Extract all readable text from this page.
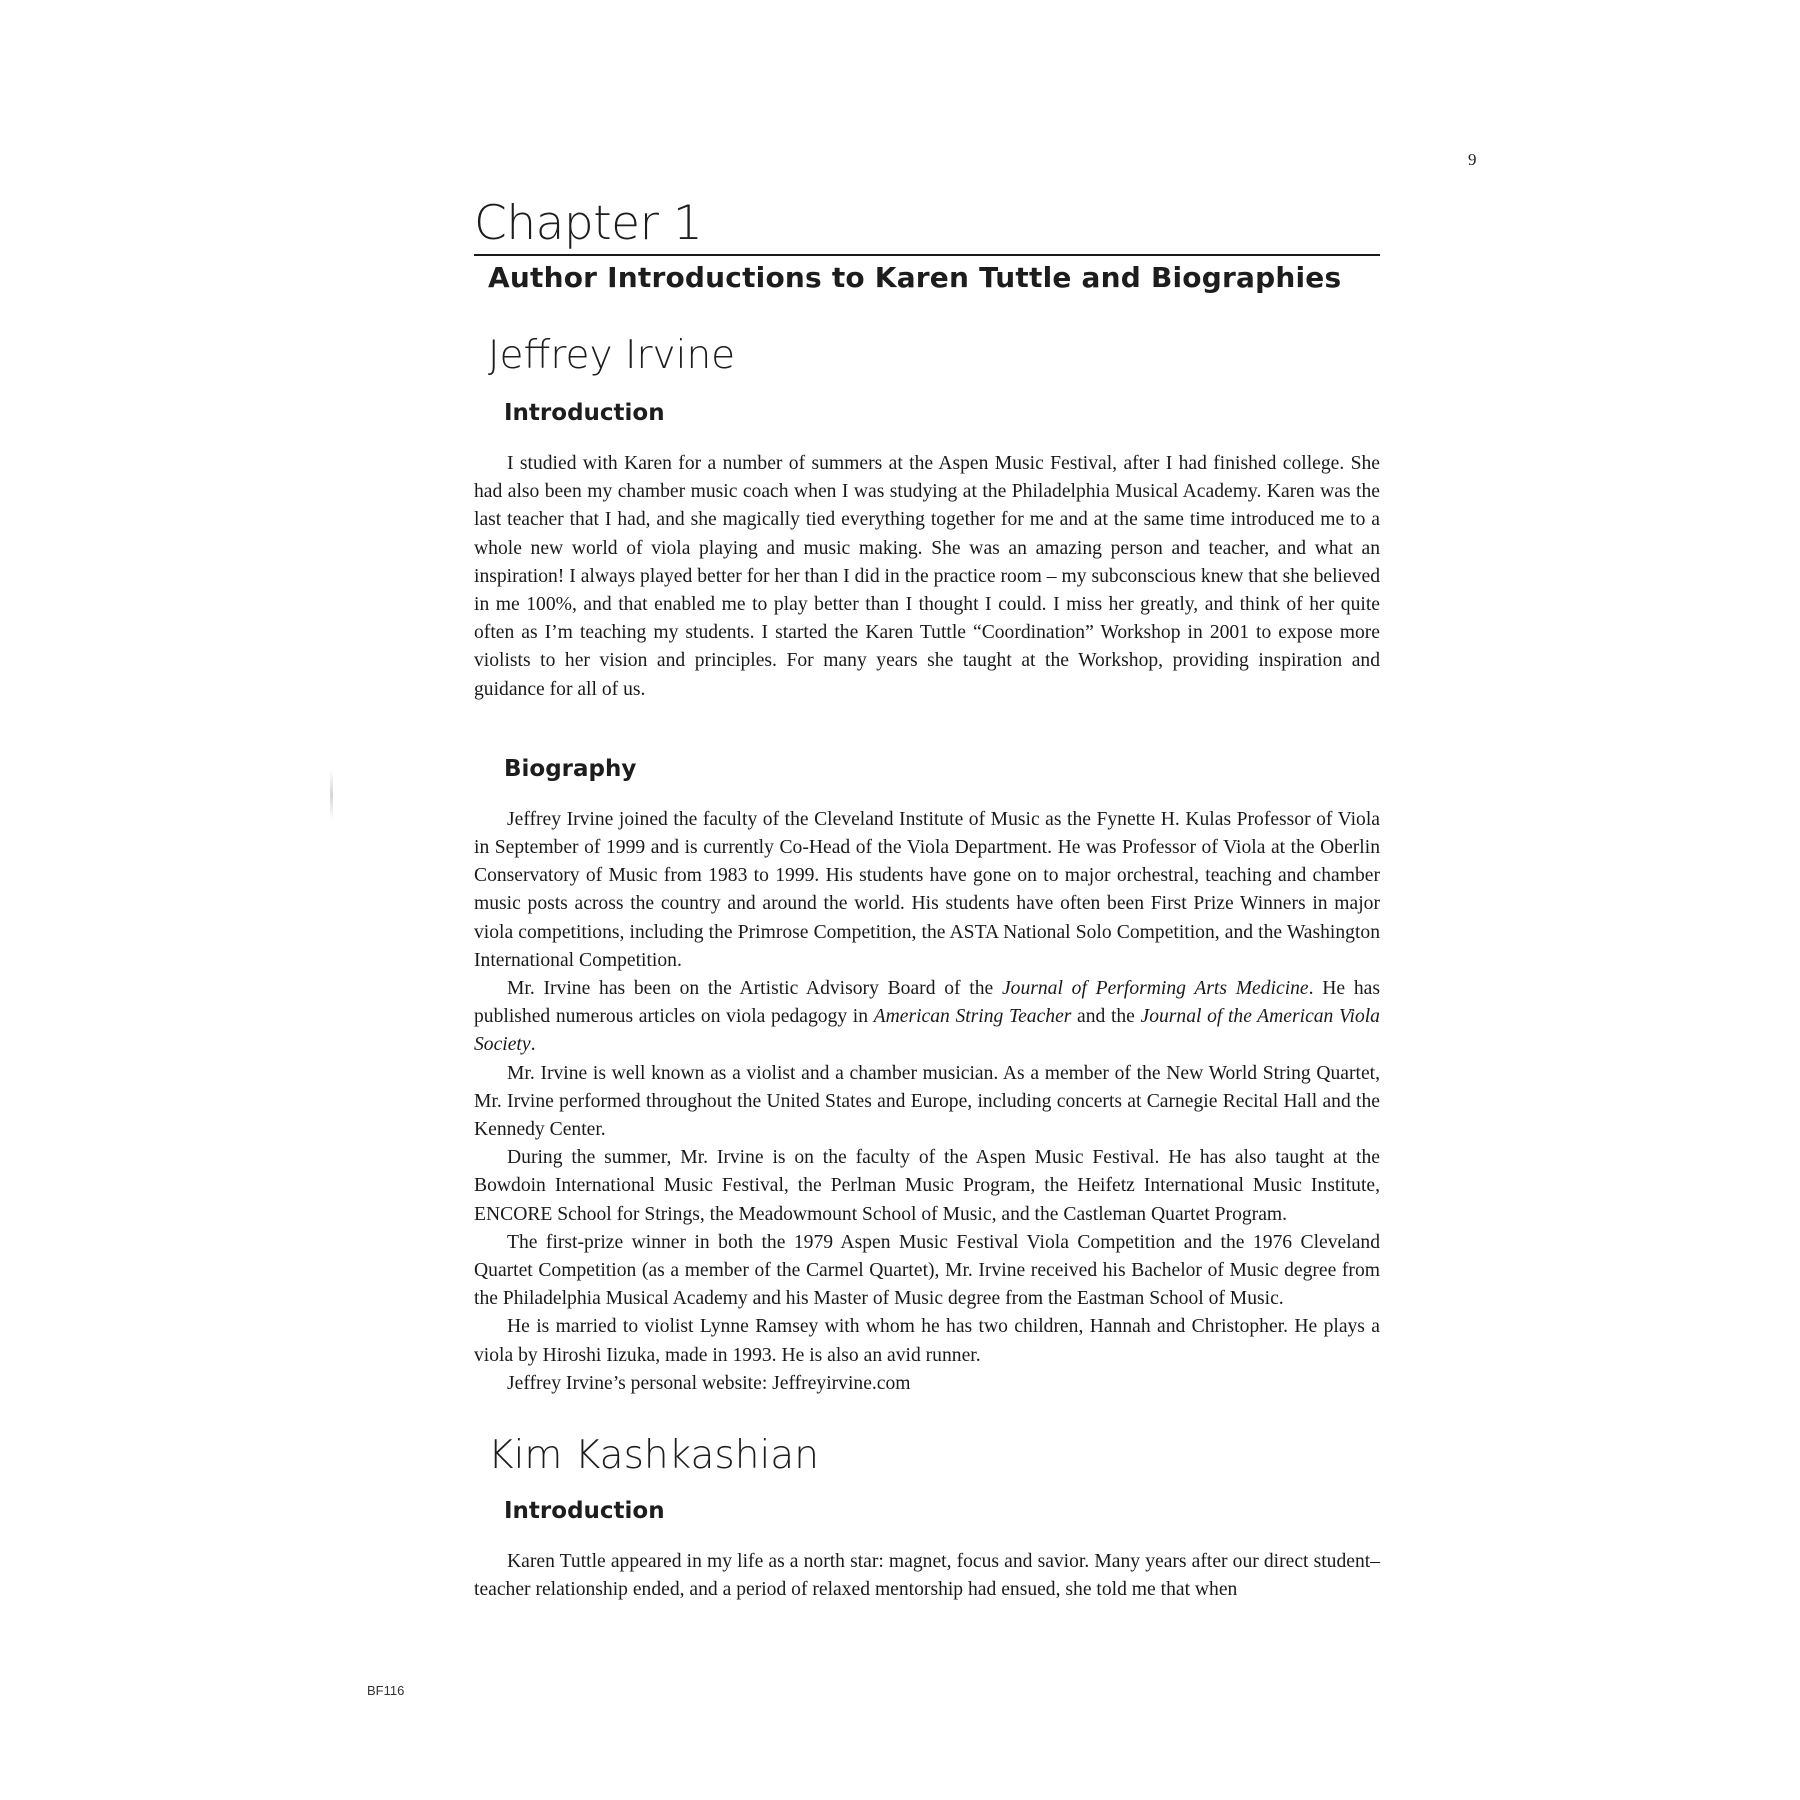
9
Chapter 1
Author Introductions to Karen Tuttle and Biographies
Jeffrey Irvine
Introduction

I studied with Karen for a number of summers at the Aspen Music Festival, after I had finished college. She had also been my chamber music coach when I was studying at the Philadelphia Musical Academy. Karen was the last teacher that I had, and she magically tied everything together for me and at the same time introduced me to a whole new world of viola playing and music making. She was an amazing person and teacher, and what an inspiration! I always played better for her than I did in the practice room – my subconscious knew that she believed in me 100%, and that enabled me to play better than I thought I could. I miss her greatly, and think of her quite often as I’m teaching my students. I started the Karen Tuttle “Coordination” Workshop in 2001 to expose more violists to her vision and principles. For many years she taught at the Workshop, providing inspiration and guidance for all of us.

Biography

Jeffrey Irvine joined the faculty of the Cleveland Institute of Music as the Fynette H. Kulas Professor of Viola in September of 1999 and is currently Co-Head of the Viola Department. He was Professor of Viola at the Oberlin Conservatory of Music from 1983 to 1999. His students have gone on to major orchestral, teaching and chamber music posts across the country and around the world. His students have often been First Prize Winners in major viola competitions, including the Primrose Competition, the ASTA National Solo Competition, and the Washington International Competition.

Mr. Irvine has been on the Artistic Advisory Board of the Journal of Performing Arts Medicine. He has published numerous articles on viola pedagogy in American String Teacher and the Journal of the American Viola Society.

Mr. Irvine is well known as a violist and a chamber musician. As a member of the New World String Quartet, Mr. Irvine performed throughout the United States and Europe, including concerts at Carnegie Recital Hall and the Kennedy Center.

During the summer, Mr. Irvine is on the faculty of the Aspen Music Festival. He has also taught at the Bowdoin International Music Festival, the Perlman Music Program, the Heifetz International Music Institute, ENCORE School for Strings, the Meadowmount School of Music, and the Castleman Quartet Program.

The first-prize winner in both the 1979 Aspen Music Festival Viola Competition and the 1976 Cleveland Quartet Competition (as a member of the Carmel Quartet), Mr. Irvine received his Bachelor of Music degree from the Philadelphia Musical Academy and his Master of Music degree from the Eastman School of Music.

He is married to violist Lynne Ramsey with whom he has two children, Hannah and Christopher. He plays a viola by Hiroshi Iizuka, made in 1993. He is also an avid runner.

Jeffrey Irvine’s personal website: Jeffreyirvine.com

Kim Kashkashian
Introduction

Karen Tuttle appeared in my life as a north star: magnet, focus and savior. Many years after our direct student–teacher relationship ended, and a period of relaxed mentorship had ensued, she told me that when

BF116
